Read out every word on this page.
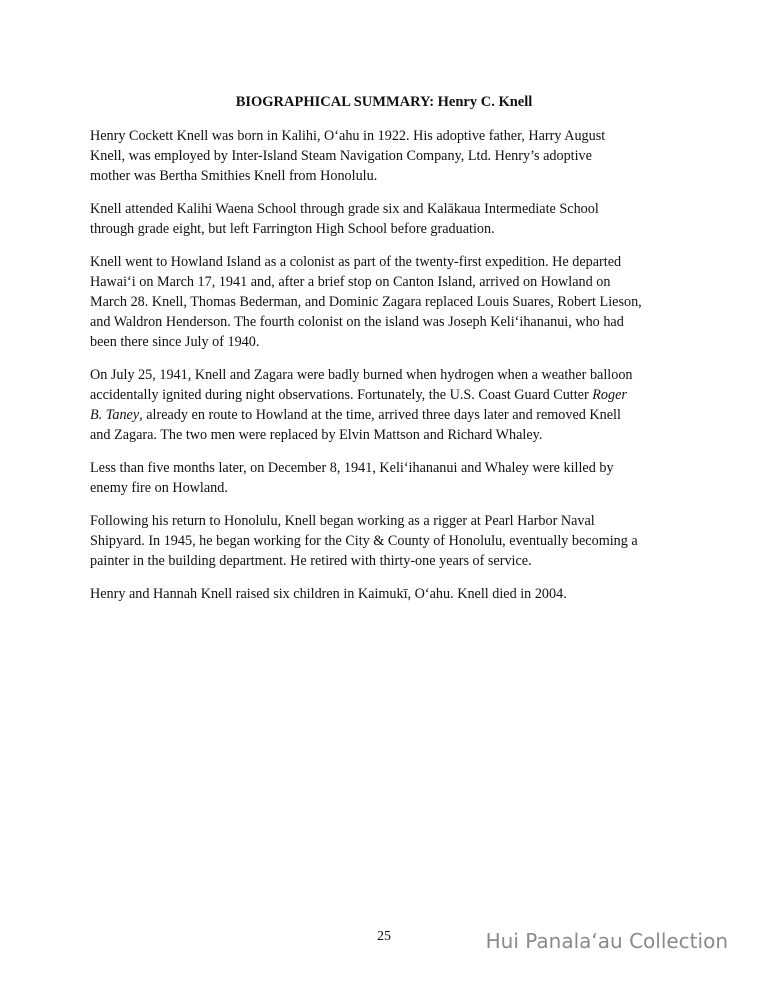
BIOGRAPHICAL SUMMARY: Henry C. Knell

Henry Cockett Knell was born in Kalihi, O‘ahu in 1922. His adoptive father, Harry August
Knell, was employed by Inter-Island Steam Navigation Company, Ltd. Henry’s adoptive
mother was Bertha Smithies Knell from Honolulu.

Knell attended Kalihi Waena School through grade six and Kalākaua Intermediate School
through grade eight, but left Farrington High School before graduation.

Knell went to Howland Island as a colonist as part of the twenty-first expedition. He departed
Hawai‘i on March 17, 1941 and, after a brief stop on Canton Island, arrived on Howland on
March 28. Knell, Thomas Bederman, and Dominic Zagara replaced Louis Suares, Robert Lieson,
and Waldron Henderson. The fourth colonist on the island was Joseph Keli‘ihananui, who had
been there since July of 1940.

On July 25, 1941, Knell and Zagara were badly burned when hydrogen when a weather balloon
accidentally ignited during night observations. Fortunately, the U.S. Coast Guard Cutter Roger
B. Taney, already en route to Howland at the time, arrived three days later and removed Knell
and Zagara. The two men were replaced by Elvin Mattson and Richard Whaley.

Less than five months later, on December 8, 1941, Keli‘ihananui and Whaley were killed by
enemy fire on Howland.

Following his return to Honolulu, Knell began working as a rigger at Pearl Harbor Naval
Shipyard. In 1945, he began working for the City & County of Honolulu, eventually becoming a
painter in the building department. He retired with thirty-one years of service.

Henry and Hannah Knell raised six children in Kaimukī, O‘ahu. Knell died in 2004.

25	Hui Panala‘au Collection
